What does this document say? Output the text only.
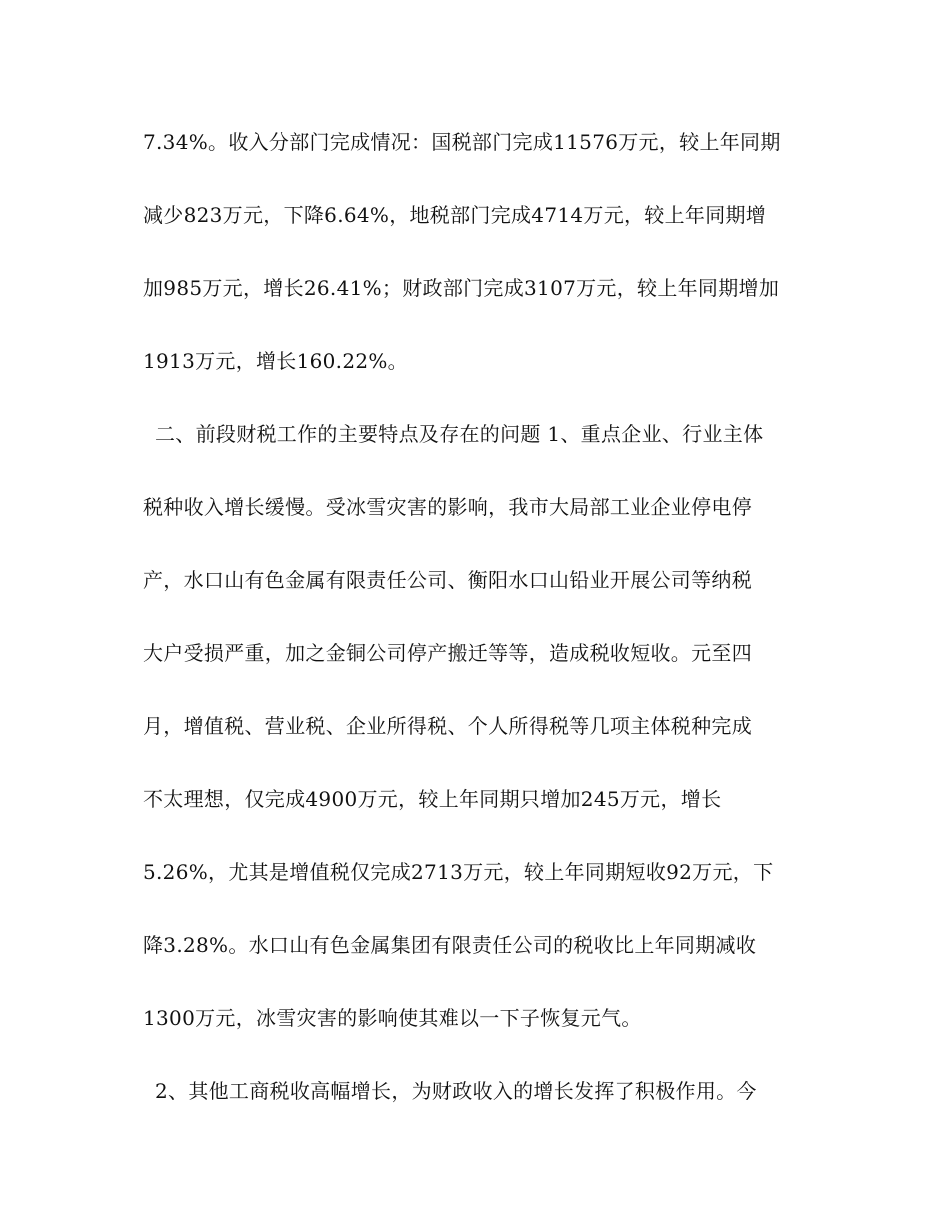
7.34%。收入分部门完成情况：国税部门完成11576万元，较上年同期
减少823万元，下降6.64%，地税部门完成4714万元，较上年同期增
加985万元，增长26.41%；财政部门完成3107万元，较上年同期增加
1913万元，增长160.22%。
二、前段财税工作的主要特点及存在的问题 1、重点企业、行业主体
税种收入增长缓慢。受冰雪灾害的影响，我市大局部工业企业停电停
产，水口山有色金属有限责任公司、衡阳水口山铅业开展公司等纳税
大户受损严重，加之金铜公司停产搬迁等等，造成税收短收。元至四
月，增值税、营业税、企业所得税、个人所得税等几项主体税种完成
不太理想，仅完成4900万元，较上年同期只增加245万元，增长
5.26%，尤其是增值税仅完成2713万元，较上年同期短收92万元，下
降3.28%。水口山有色金属集团有限责任公司的税收比上年同期减收
1300万元，冰雪灾害的影响使其难以一下子恢复元气。
2、其他工商税收高幅增长，为财政收入的增长发挥了积极作用。今
